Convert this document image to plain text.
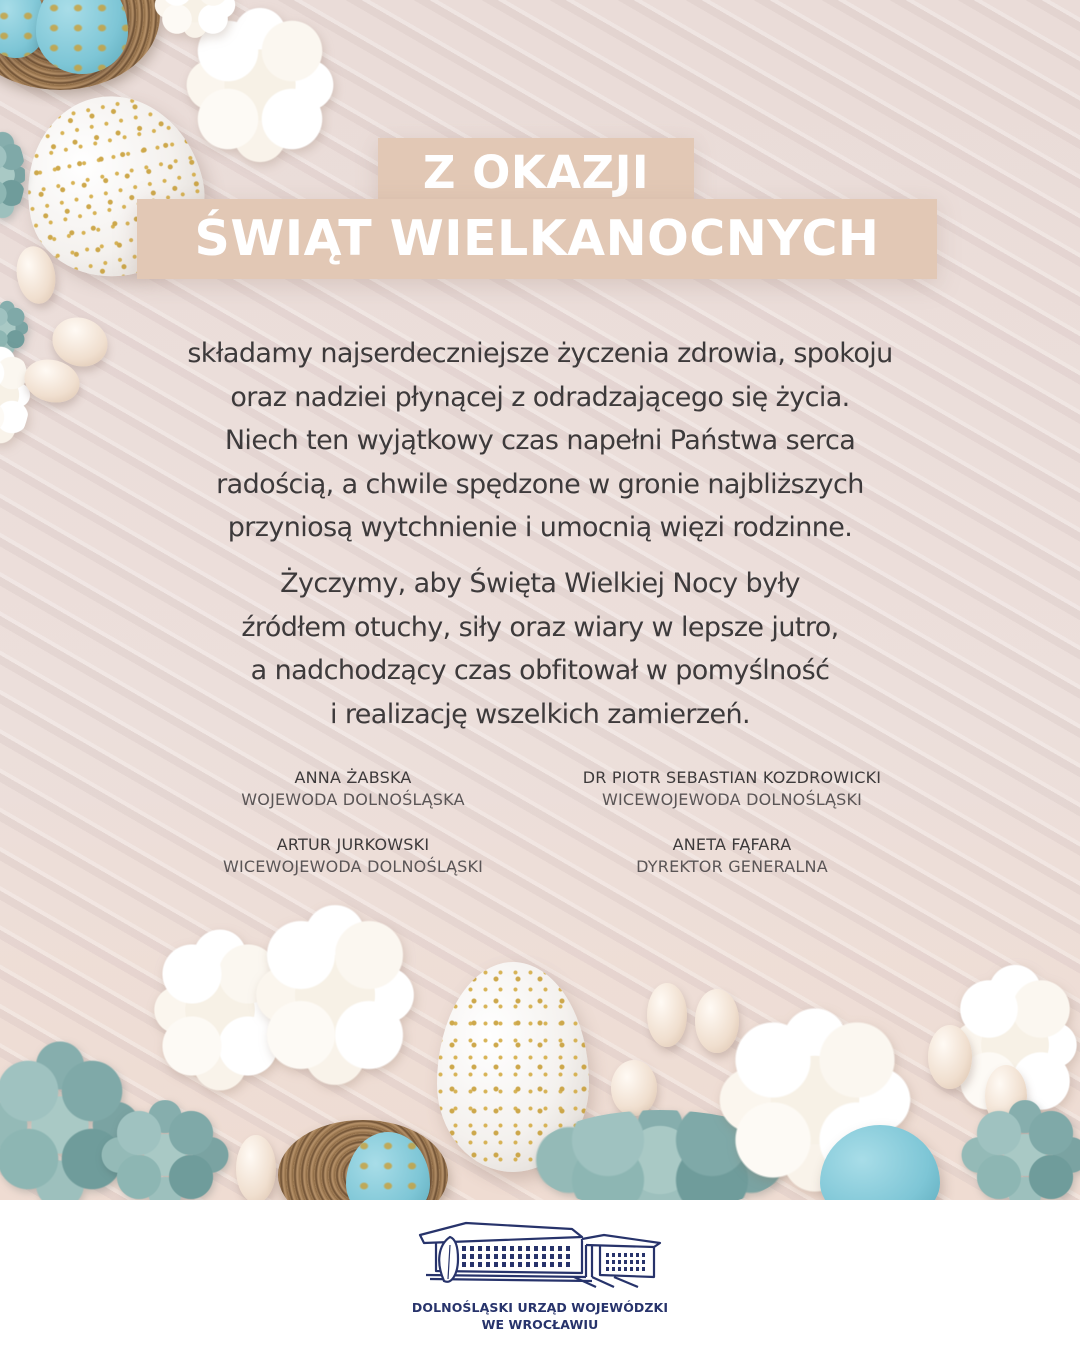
Z OKAZJI
ŚWIĄT WIELKANOCNYCH
składamy najserdeczniejsze życzenia zdrowia, spokoju
oraz nadziei płynącej z odradzającego się życia.
Niech ten wyjątkowy czas napełni Państwa serca
radością, a chwile spędzone w gronie najbliższych
przyniosą wytchnienie i umocnią więzi rodzinne.
Życzymy, aby Święta Wielkiej Nocy były
źródłem otuchy, siły oraz wiary w lepsze jutro,
a nadchodzący czas obfitował w pomyślność
i realizację wszelkich zamierzeń.
ANNA ŻABSKA
WOJEWODA DOLNOŚLĄSKA
DR PIOTR SEBASTIAN KOZDROWICKI
WICEWOJEWODA DOLNOŚLĄSKI
ARTUR JURKOWSKI
WICEWOJEWODA DOLNOŚLĄSKI
ANETA FĄFARA
DYREKTOR GENERALNA
DOLNOŚLĄSKI URZĄD WOJEWÓDZKI
WE WROCŁAWIU
